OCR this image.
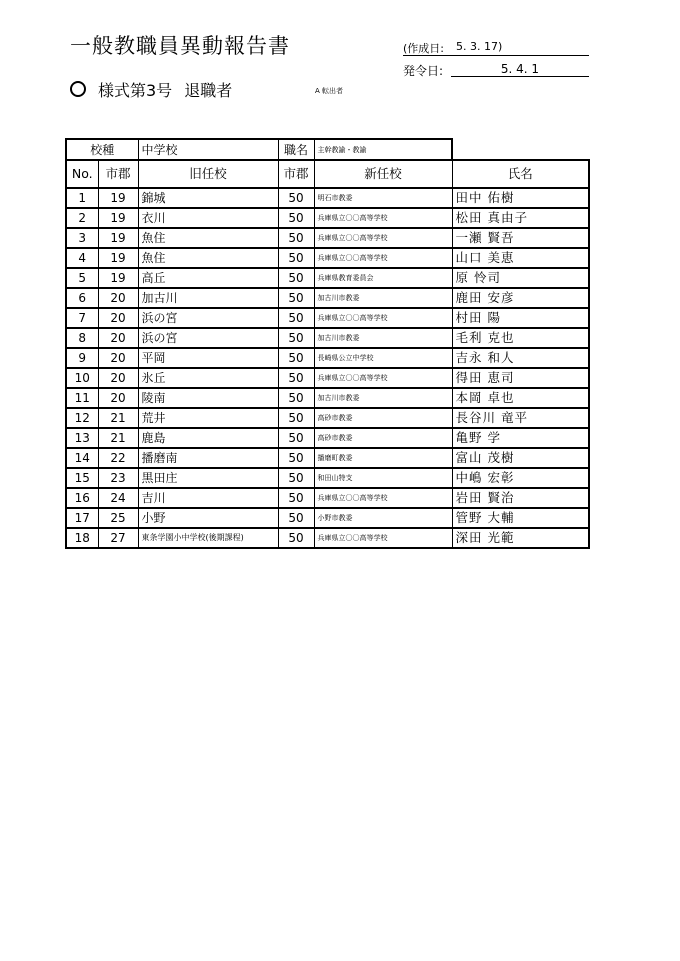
一般教職員異動報告書	(作成日: 5. 3. 17)
発令日:	5. 4. 1
様式第3号 退職者	A 転出者
校種		中学校	職名	主幹教諭・教諭	
No.	市郡	旧任校	市郡	新任校	氏名
1	19	錦城	50	明石市教委	田中 佑樹
2	19	衣川	50	兵庫県立〇〇高等学校	松田 真由子
3	19	魚住	50	兵庫県立〇〇高等学校	一瀬 賢吾
4	19	魚住	50	兵庫県立〇〇高等学校	山口 美恵
5	19	高丘	50	兵庫県教育委員会	原 怜司
6	20	加古川	50	加古川市教委	鹿田 安彦
7	20	浜の宮	50	兵庫県立〇〇高等学校	村田 陽
8	20	浜の宮	50	加古川市教委	毛利 克也
9	20	平岡	50	長崎県公立中学校	吉永 和人
10	20	氷丘	50	兵庫県立〇〇高等学校	得田 恵司
11	20	陵南	50	加古川市教委	本岡 卓也
12	21	荒井	50	高砂市教委	長谷川 竜平
13	21	鹿島	50	高砂市教委	亀野 学
14	22	播磨南	50	播磨町教委	富山 茂樹
15	23	黒田庄	50	和田山特支	中嶋 宏彰
16	24	吉川	50	兵庫県立〇〇高等学校	岩田 賢治
17	25	小野	50	小野市教委	管野 大輔
18	27	東条学園小中学校(後期課程)	50	兵庫県立〇〇高等学校	深田 光範
